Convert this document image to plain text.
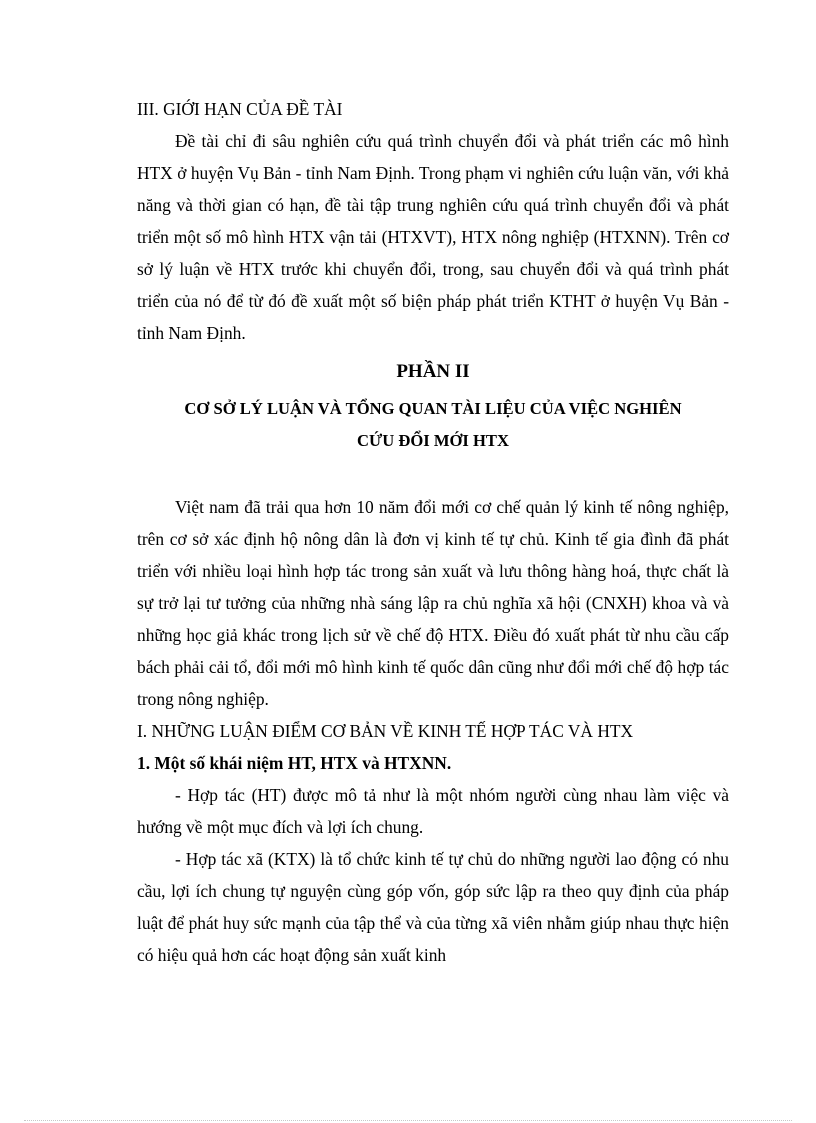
III. GIỚI HẠN CỦA ĐỀ TÀI

Đề tài chỉ đi sâu nghiên cứu quá trình chuyển đổi và phát triển các mô hình HTX ở huyện Vụ Bản - tỉnh Nam Định. Trong phạm vi nghiên cứu luận văn, với khả năng và thời gian có hạn, đề tài tập trung nghiên cứu quá trình chuyển đổi và phát triển một số mô hình HTX vận tải (HTXVT), HTX nông nghiệp (HTXNN). Trên cơ sở lý luận về HTX trước khi chuyển đổi, trong, sau chuyển đổi và quá trình phát triển của nó để từ đó đề xuất một số biện pháp phát triển KTHT ở huyện Vụ Bản - tỉnh Nam Định.

PHẦN II

CƠ SỞ LÝ LUẬN VÀ TỔNG QUAN TÀI LIỆU CỦA VIỆC NGHIÊN

CỨU ĐỔI MỚI HTX

Việt nam đã trải qua hơn 10 năm đổi mới cơ chế quản lý kinh tế nông nghiệp, trên cơ sở xác định hộ nông dân là đơn vị kinh tế tự chủ. Kinh tế gia đình đã phát triển với nhiều loại hình hợp tác trong sản xuất và lưu thông hàng hoá, thực chất là sự trở lại tư tưởng của những nhà sáng lập ra chủ nghĩa xã hội (CNXH) khoa và và những học giả khác trong lịch sử về chế độ HTX. Điều đó xuất phát từ nhu cầu cấp bách phải cải tổ, đổi mới mô hình kinh tế quốc dân cũng như đổi mới chế độ hợp tác trong nông nghiệp.

I. NHỮNG LUẬN ĐIỂM CƠ BẢN VỀ KINH TẾ HỢP TÁC VÀ HTX

1. Một số khái niệm HT, HTX và HTXNN.

- Hợp tác (HT) được mô tả như là một nhóm người cùng nhau làm việc và hướng về một mục đích và lợi ích chung.

- Hợp tác xã (KTX) là tổ chức kinh tế tự chủ do những người lao động có nhu cầu, lợi ích chung tự nguyện cùng góp vốn, góp sức lập ra theo quy định của pháp luật để phát huy sức mạnh của tập thể và của từng xã viên nhằm giúp nhau thực hiện có hiệu quả hơn các hoạt động sản xuất kinh
